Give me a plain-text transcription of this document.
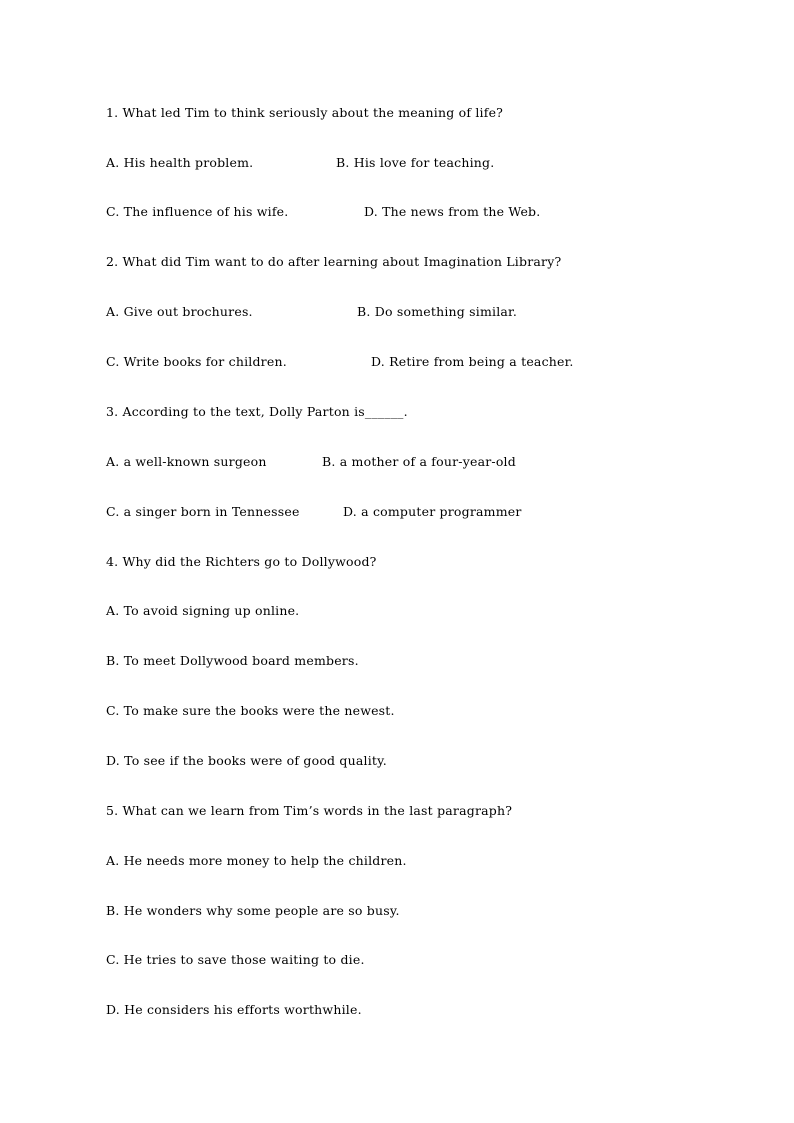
1. What led Tim to think seriously about the meaning of life?
A. His health problem.	B. His love for teaching.
C. The influence of his wife.	D. The news from the Web.
2. What did Tim want to do after learning about Imagination Library?
A. Give out brochures.	B. Do something similar.
C. Write books for children.	D. Retire from being a teacher.
3. According to the text, Dolly Parton is______.
A. a well-known surgeon	B. a mother of a four-year-old
C. a singer born in Tennessee	D. a computer programmer
4. Why did the Richters go to Dollywood?
A. To avoid signing up online.
B. To meet Dollywood board members.
C. To make sure the books were the newest.
D. To see if the books were of good quality.
5. What can we learn from Tim’s words in the last paragraph?
A. He needs more money to help the children.
B. He wonders why some people are so busy.
C. He tries to save those waiting to die.
D. He considers his efforts worthwhile.
